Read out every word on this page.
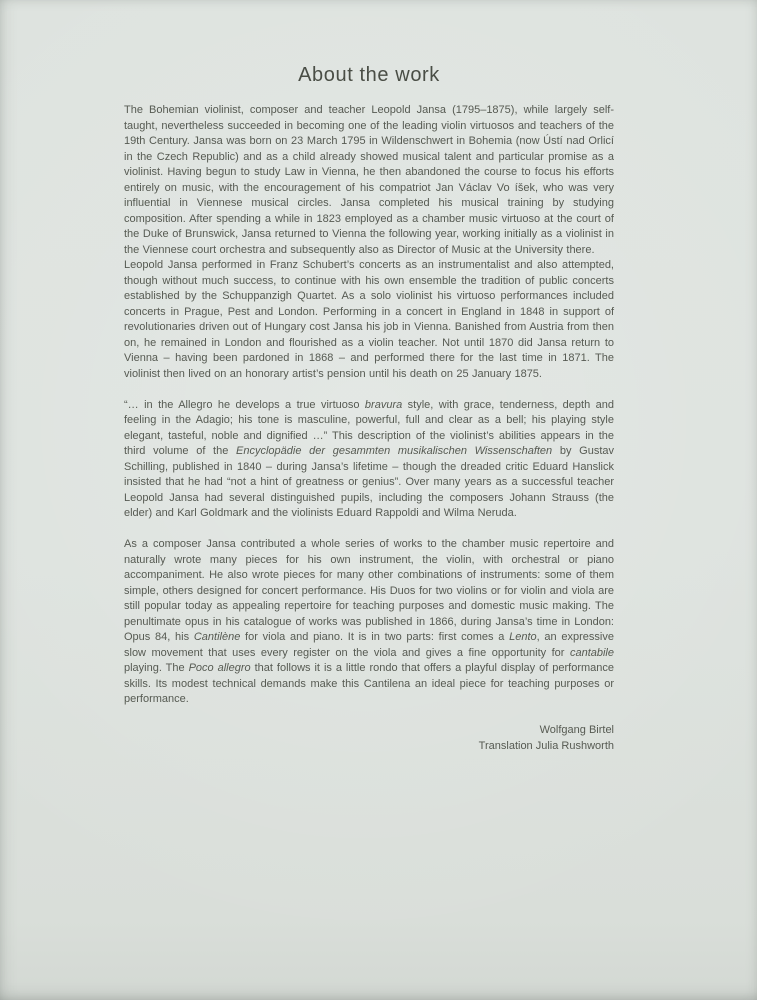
About the work

The Bohemian violinist, composer and teacher Leopold Jansa (1795–1875), while largely self-taught, nevertheless succeeded in becoming one of the leading violin virtuosos and teachers of the 19th Century. Jansa was born on 23 March 1795 in Wildenschwert in Bohemia (now Ústí nad Orlicí in the Czech Republic) and as a child already showed musical talent and particular promise as a violinist. Having begun to study Law in Vienna, he then abandoned the course to focus his efforts entirely on music, with the encouragement of his compatriot Jan Václav Vo íšek, who was very influential in Viennese musical circles. Jansa completed his musical training by studying composition. After spending a while in 1823 employed as a chamber music virtuoso at the court of the Duke of Brunswick, Jansa returned to Vienna the following year, working initially as a violinist in the Viennese court orchestra and subsequently also as Director of Music at the University there.

Leopold Jansa performed in Franz Schubert’s concerts as an instrumentalist and also attempted, though without much success, to continue with his own ensemble the tradition of public concerts established by the Schuppanzigh Quartet. As a solo violinist his virtuoso performances included concerts in Prague, Pest and London. Performing in a concert in England in 1848 in support of revolutionaries driven out of Hungary cost Jansa his job in Vienna. Banished from Austria from then on, he remained in London and flourished as a violin teacher. Not until 1870 did Jansa return to Vienna – having been pardoned in 1868 – and performed there for the last time in 1871. The violinist then lived on an honorary artist’s pension until his death on 25 January 1875.

“… in the Allegro he develops a true virtuoso bravura style, with grace, tenderness, depth and feeling in the Adagio; his tone is masculine, powerful, full and clear as a bell; his playing style elegant, tasteful, noble and dignified …” This description of the violinist’s abilities appears in the third volume of the Encyclopädie der gesammten musikalischen Wissenschaften by Gustav Schilling, published in 1840 – during Jansa’s lifetime – though the dreaded critic Eduard Hanslick insisted that he had “not a hint of greatness or genius”. Over many years as a successful teacher Leopold Jansa had several distinguished pupils, including the composers Johann Strauss (the elder) and Karl Goldmark and the violinists Eduard Rappoldi and Wilma Neruda.

As a composer Jansa contributed a whole series of works to the chamber music repertoire and naturally wrote many pieces for his own instrument, the violin, with orchestral or piano accompaniment. He also wrote pieces for many other combinations of instruments: some of them simple, others designed for concert performance. His Duos for two violins or for violin and viola are still popular today as appealing repertoire for teaching purposes and domestic music making. The penultimate opus in his catalogue of works was published in 1866, during Jansa’s time in London: Opus 84, his Cantilène for viola and piano. It is in two parts: first comes a Lento, an expressive slow movement that uses every register on the viola and gives a fine opportunity for cantabile playing. The Poco allegro that follows it is a little rondo that offers a playful display of performance skills. Its modest technical demands make this Cantilena an ideal piece for teaching purposes or performance.

Wolfgang Birtel
Translation Julia Rushworth
